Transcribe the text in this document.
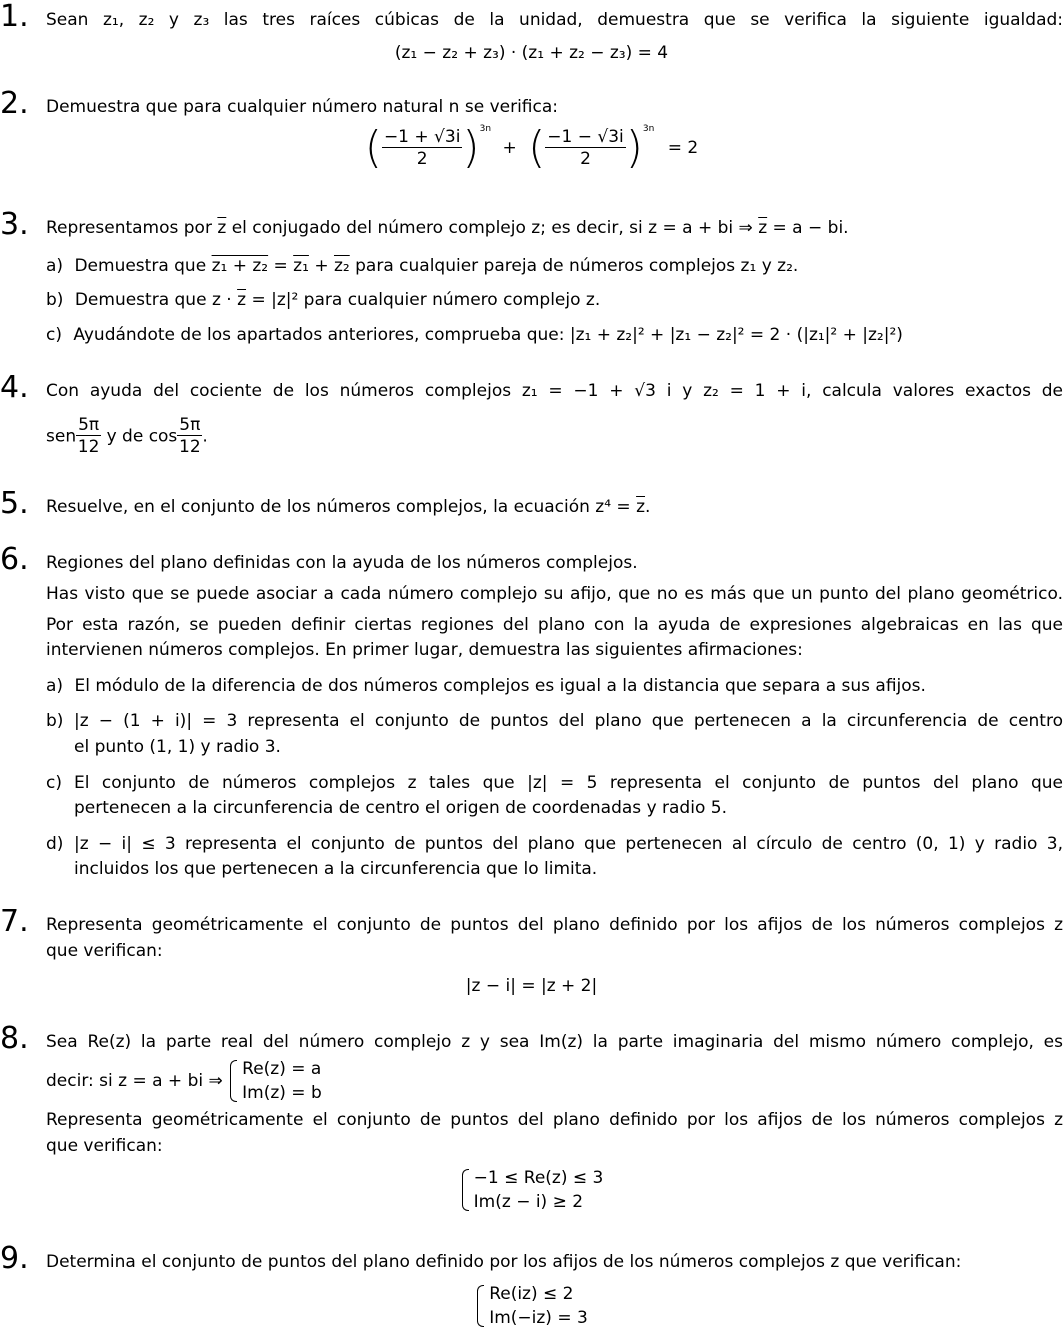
1. Sean z₁, z₂ y z₃ las tres raíces cúbicas de la unidad, demuestra que se verifica la siguiente igualdad:
(z₁ − z₂ + z₃) · (z₁ + z₂ − z₃) = 4
2. Demuestra que para cualquier número natural n se verifica:
( $\frac{-1 + √3i}{2} )^{3n}$ + ( $\frac{-1 - √3i}{2} )^{3n} = 2$
3. Representamos por $\overline{z}$ el conjugado del número complejo z; es decir, si z = a + bi ⇒ $\overline{z} = a$ − bi.
a) Demuestra que z₁ + z₂ = z₁ + z₂ para cualquier pareja de números complejos z₁ y z₂.
b) Demuestra que $z \cdot \overline{z} = |z|^2$ para cualquier número complejo z.
c) Ayudándote de los apartados anteriores, comprueba que: |z₁ + z₂|² + |z₁ − z₂|² = 2 · (|z₁|² + |z₂|²)
4. Con ayuda del cociente de los números complejos z₁ = −1 + √3 i y z₂ = 1 + i, calcula valores exactos de
sen $\frac{5\pi}{12}$ y de $\cos \frac{5\pi}{12}$ .
5. Resuelve, en el conjunto de los números complejos, la ecuación $z^4 = \overline{z}$.
6. Regiones del plano definidas con la ayuda de los números complejos.
Has visto que se puede asociar a cada número complejo su afijo, que no es más que un punto del plano geométrico.
Por esta razón, se pueden definir ciertas regiones del plano con la ayuda de expresiones algebraicas en las que
intervienen números complejos. En primer lugar, demuestra las siguientes afirmaciones:
a) El módulo de la diferencia de dos números complejos es igual a la distancia que separa a sus afijos.
b) |z − (1 + i)| = 3 representa el conjunto de puntos del plano que pertenecen a la circunferencia de centro
el punto (1, 1) y radio 3.
c) El conjunto de números complejos z tales que |z| = 5 representa el conjunto de puntos del plano que
pertenecen a la circunferencia de centro el origen de coordenadas y radio 5.
d) |z − i| ≤ 3 representa el conjunto de puntos del plano que pertenecen al círculo de centro (0, 1) y radio 3,
incluidos los que pertenecen a la circunferencia que lo limita.
7. Representa geométricamente el conjunto de puntos del plano definido por los afijos de los números complejos z
que verifican:
|z − i| = |z + 2|
8. Sea Re(z) la parte real del número complejo z y sea Im(z) la parte imaginaria del mismo número complejo, es
decir: si z = a + bi ⇒
Re(z) = a
Im(z) = b
Representa geométricamente el conjunto de puntos del plano definido por los afijos de los números complejos z
que verifican:
−1 ≤ Re(z) ≤ 3
Im(z − i) ≥ 2
9. Determina el conjunto de puntos del plano definido por los afijos de los números complejos z que verifican:
Re(iz) ≤ 2
Im(−iz) = 3
